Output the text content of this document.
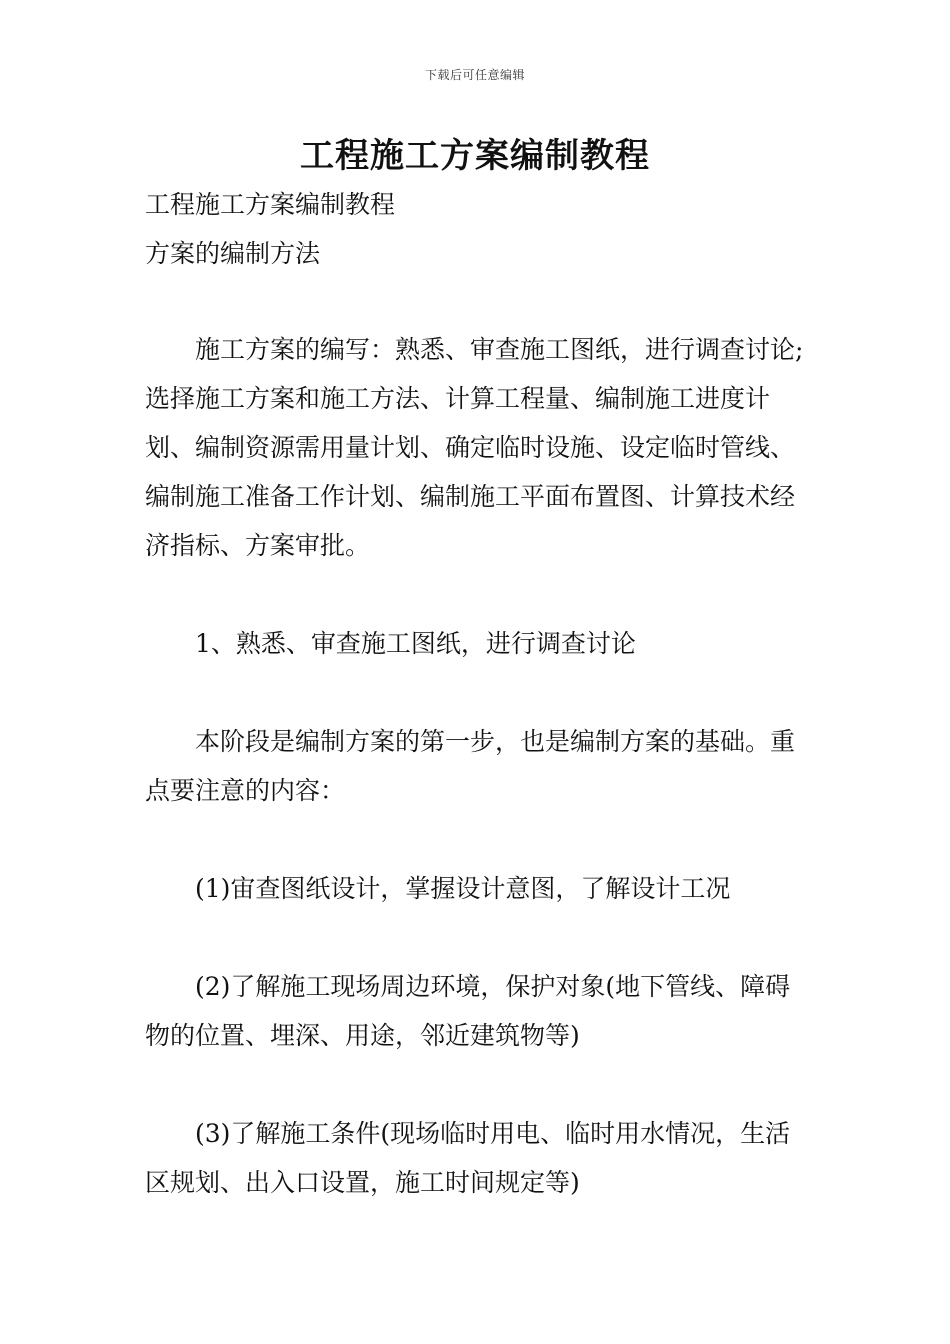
下载后可任意编辑
工程施工方案编制教程

工程施工方案编制教程

方案的编制方法

施工方案的编写：熟悉、审查施工图纸，进行调查讨论;选择施工方案和施工方法、计算工程量、编制施工进度计划、编制资源需用量计划、确定临时设施、设定临时管线、编制施工准备工作计划、编制施工平面布置图、计算技术经济指标、方案审批。

1、熟悉、审查施工图纸，进行调查讨论

本阶段是编制方案的第一步，也是编制方案的基础。重点要注意的内容：

(1)宙查图纸设计，掌握设计意图，了解设计工况

(2)了解施工现场周边环境，保护对象(地下管线、障碍物的位置、埋深、用途，邻近建筑物等)

(3)了解施工条件(现场临时用电、临时用水情况，生活区规划、出入口设置，施工时间规定等)
